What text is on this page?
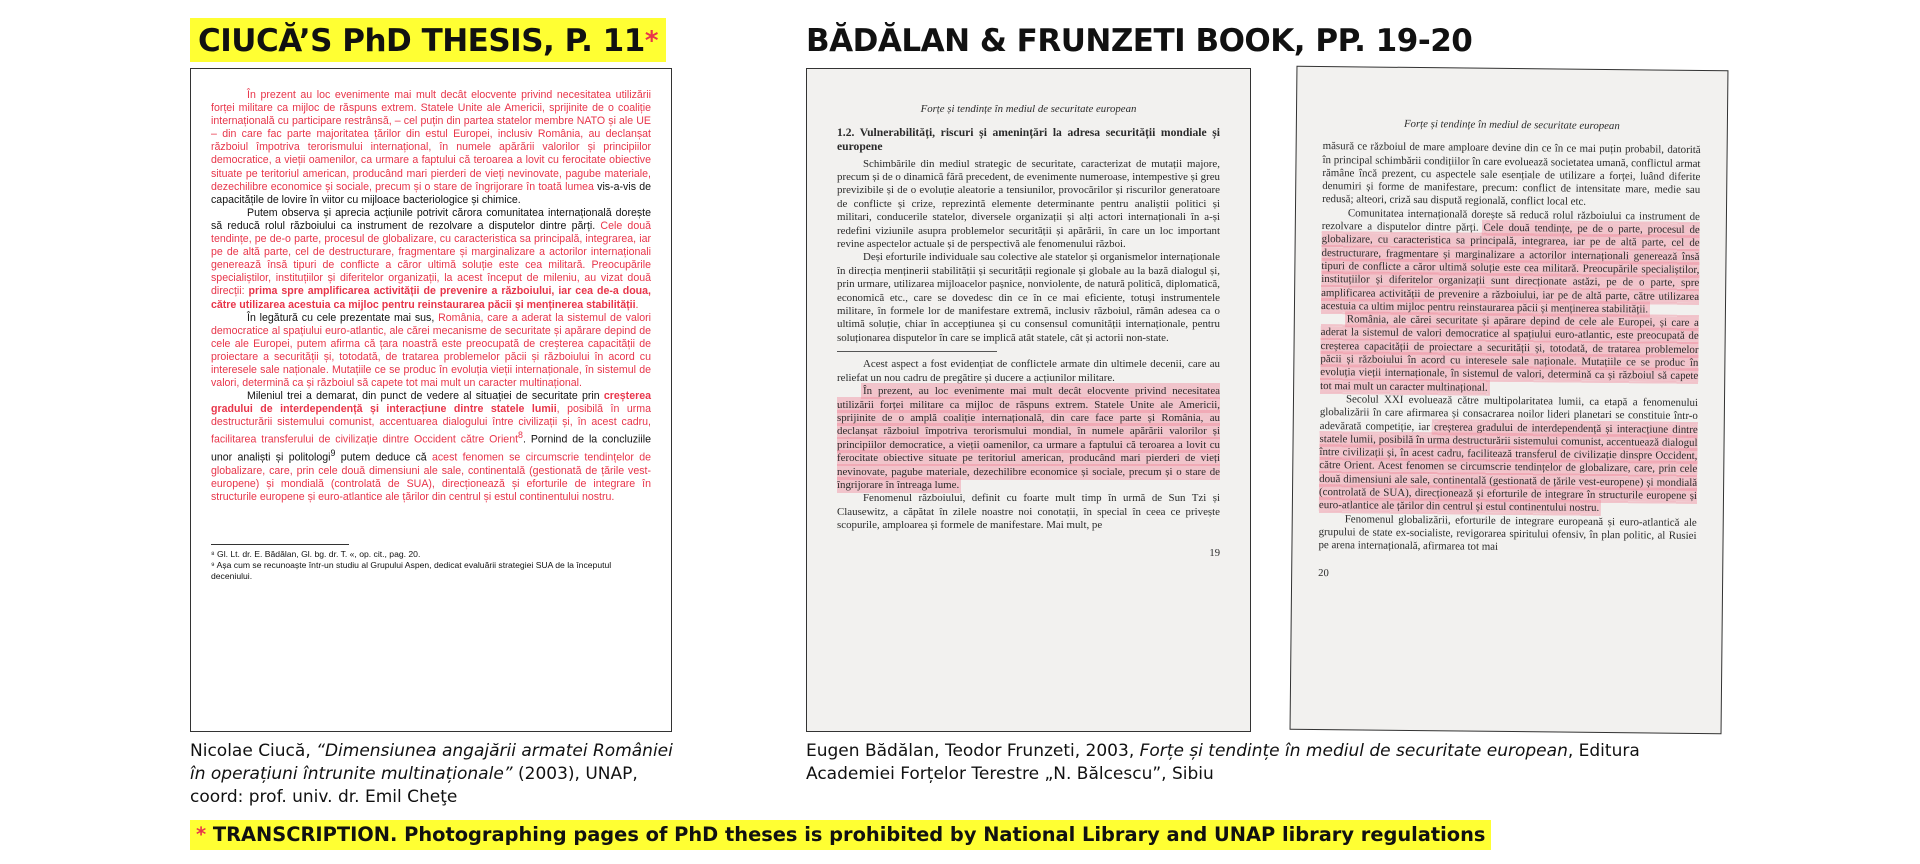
CIUCĂ’S PhD THESIS, P. 11*	BĂDĂLAN & FRUNZETI BOOK, PP. 19-20

În prezent au loc evenimente mai mult decât elocvente privind necesitatea utilizării forței militare ca mijloc de răspuns extrem. Statele Unite ale Americii, sprijinite de o coaliție internațională cu participare restrânsă, – cel puțin din partea statelor membre NATO și ale UE – din care fac parte majoritatea țărilor din estul Europei, inclusiv România, au declanșat războiul împotriva terorismului internațional, în numele apărării valorilor și principiilor democratice, a vieții oamenilor, ca urmare a faptului că teroarea a lovit cu ferocitate obiective situate pe teritoriul american, producând mari pierderi de vieți nevinovate, pagube materiale, dezechilibre economice și sociale, precum și o stare de îngrijorare în toată lumea vis-a-vis de capacitățile de lovire în viitor cu mijloace bacteriologice și chimice.

Putem observa și aprecia acțiunile potrivit cărora comunitatea internațională dorește să reducă rolul războiului ca instrument de rezolvare a disputelor dintre părți. Cele două tendințe, pe de-o parte, procesul de globalizare, cu caracteristica sa principală, integrarea, iar pe de altă parte, cel de destructurare, fragmentare și marginalizare a actorilor internaționali generează însă tipuri de conflicte a căror ultimă soluție este cea militară. Preocupările specialiștilor, instituțiilor și diferitelor organizații, la acest început de mileniu, au vizat două direcții: prima spre amplificarea activității de prevenire a războiului, iar cea de-a doua, către utilizarea acestuia ca mijloc pentru reinstaurarea păcii și menținerea stabilității.

În legătură cu cele prezentate mai sus, România, care a aderat la sistemul de valori democratice al spațiului euro-atlantic, ale cărei mecanisme de securitate și apărare depind de cele ale Europei, putem afirma că țara noastră este preocupată de creșterea capacității de proiectare a securității și, totodată, de tratarea problemelor păcii și războiului în acord cu interesele sale naționale. Mutațiile ce se produc în evoluția vieții internaționale, în sistemul de valori, determină ca și războiul să capete tot mai mult un caracter multinațional.

Mileniul trei a demarat, din punct de vedere al situației de securitate prin creșterea gradului de interdependență și interacțiune dintre statele lumii, posibilă în urma destructurării sistemului comunist, accentuarea dialogului între civilizații și, în acest cadru, facilitarea transferului de civilizație dintre Occident către Orient$^8$. Pornind de la concluziile unor analiști și politologi$^9$ putem deduce că acest fenomen se circumscrie tendințelor de globalizare, care, prin cele două dimensiuni ale sale, continentală (gestionată de țările vest-europene) și mondială (controlată de SUA), direcționează și eforturile de integrare în structurile europene și euro-atlantice ale țărilor din centrul și estul continentului nostru.

⁸ Gl. Lt. dr. E. Bădălan, Gl. bg. dr. T. «, op. cit., pag. 20.

⁹ Așa cum se recunoaște într-un studiu al Grupului Aspen, dedicat evaluării strategiei SUA de la începutul deceniului.

Forțe și tendințe în mediul de securitate european
1.2. Vulnerabilități, riscuri și amenințări la adresa securității mondiale și europene

Schimbările din mediul strategic de securitate, caracterizat de mutații majore, precum și de o dinamică fără precedent, de evenimente numeroase, intempestive și greu previzibile și de o evoluție aleatorie a tensiunilor, provocărilor și riscurilor generatoare de conflicte și crize, reprezintă elemente determinante pentru analiștii politici și militari, conducerile statelor, diversele organizații și alți actori internaționali în a-și redefini viziunile asupra problemelor securității și apărării, în care un loc important revine aspectelor actuale și de perspectivă ale fenomenului război.

Deși eforturile individuale sau colective ale statelor și organismelor internaționale în direcția menținerii stabilității și securității regionale și globale au la bază dialogul și, prin urmare, utilizarea mijloacelor pașnice, nonviolente, de natură politică, diplomatică, economică etc., care se dovedesc din ce în ce mai eficiente, totuși instrumentele militare, în formele lor de manifestare extremă, inclusiv războiul, rămân adesea ca o ultimă soluție, chiar în accepțiunea și cu consensul comunității internaționale, pentru soluționarea disputelor în care se implică atât statele, cât și actorii non-state.

Acest aspect a fost evidențiat de conflictele armate din ultimele decenii, care au reliefat un nou cadru de pregătire și ducere a acțiunilor militare.

În prezent, au loc evenimente mai mult decât elocvente privind necesitatea utilizării forței militare ca mijloc de răspuns extrem. Statele Unite ale Americii, sprijinite de o amplă coaliție internațională, din care face parte și România, au declanșat războiul împotriva terorismului mondial, în numele apărării valorilor și principiilor democratice, a vieții oamenilor, ca urmare a faptului că teroarea a lovit cu ferocitate obiective situate pe teritoriul american, producând mari pierderi de vieți nevinovate, pagube materiale, dezechilibre economice și sociale, precum și o stare de îngrijorare în întreaga lume.

Fenomenul războiului, definit cu foarte mult timp în urmă de Sun Tzi și Clausewitz, a căpătat în zilele noastre noi conotații, în special în ceea ce privește scopurile, amploarea și formele de manifestare. Mai mult, pe

19
Forțe și tendințe în mediul de securitate european

măsură ce războiul de mare amploare devine din ce în ce mai puțin probabil, datorită în principal schimbării condițiilor în care evoluează societatea umană, conflictul armat rămâne încă prezent, cu aspectele sale esențiale de utilizare a forței, luând diferite denumiri și forme de manifestare, precum: conflict de intensitate mare, medie sau redusă; alteori, criză sau dispută regională, conflict local etc.

Comunitatea internațională dorește să reducă rolul războiului ca instrument de rezolvare a disputelor dintre părți. Cele două tendințe, pe de o parte, procesul de globalizare, cu caracteristica sa principală, integrarea, iar pe de altă parte, cel de destructurare, fragmentare și marginalizare a actorilor internaționali generează însă tipuri de conflicte a căror ultimă soluție este cea militară. Preocupările specialiștilor, instituțiilor și diferitelor organizații sunt direcționate astăzi, pe de o parte, spre amplificarea activității de prevenire a războiului, iar pe de altă parte, către utilizarea acestuia ca ultim mijloc pentru reinstaurarea păcii și menținerea stabilității.

România, ale cărei securitate și apărare depind de cele ale Europei, și care a aderat la sistemul de valori democratice al spațiului euro-atlantic, este preocupată de creșterea capacității de proiectare a securității și, totodată, de tratarea problemelor păcii și războiului în acord cu interesele sale naționale. Mutațiile ce se produc în evoluția vieții internaționale, în sistemul de valori, determină ca și războiul să capete tot mai mult un caracter multinațional.

Secolul XXI evoluează către multipolaritatea lumii, ca etapă a fenomenului globalizării în care afirmarea și consacrarea noilor lideri planetari se constituie într-o adevărată competiție, iar creșterea gradului de interdependență și interacțiune dintre statele lumii, posibilă în urma destructurării sistemului comunist, accentuează dialogul între civilizații și, în acest cadru, facilitează transferul de civilizație dinspre Occident, către Orient. Acest fenomen se circumscrie tendințelor de globalizare, care, prin cele două dimensiuni ale sale, continentală (gestionată de țările vest-europene) și mondială (controlată de SUA), direcționează și eforturile de integrare în structurile europene și euro-atlantice ale țărilor din centrul și estul continentului nostru.

Fenomenul globalizării, eforturile de integrare europeană și euro-atlantică ale grupului de state ex-socialiste, revigorarea spiritului ofensiv, în plan politic, al Rusiei pe arena internațională, afirmarea tot mai

20
Nicolae Ciucă, “Dimensiunea angajării armatei României în operațiuni întrunite multinaționale” (2003), UNAP, coord: prof. univ. dr. Emil Cheţe
Eugen Bădălan, Teodor Frunzeti, 2003, Forțe și tendințe în mediul de securitate european, Editura Academiei Forțelor Terestre „N. Bălcescu”, Sibiu
* TRANSCRIPTION. Photographing pages of PhD theses is prohibited by National Library and UNAP library regulations
